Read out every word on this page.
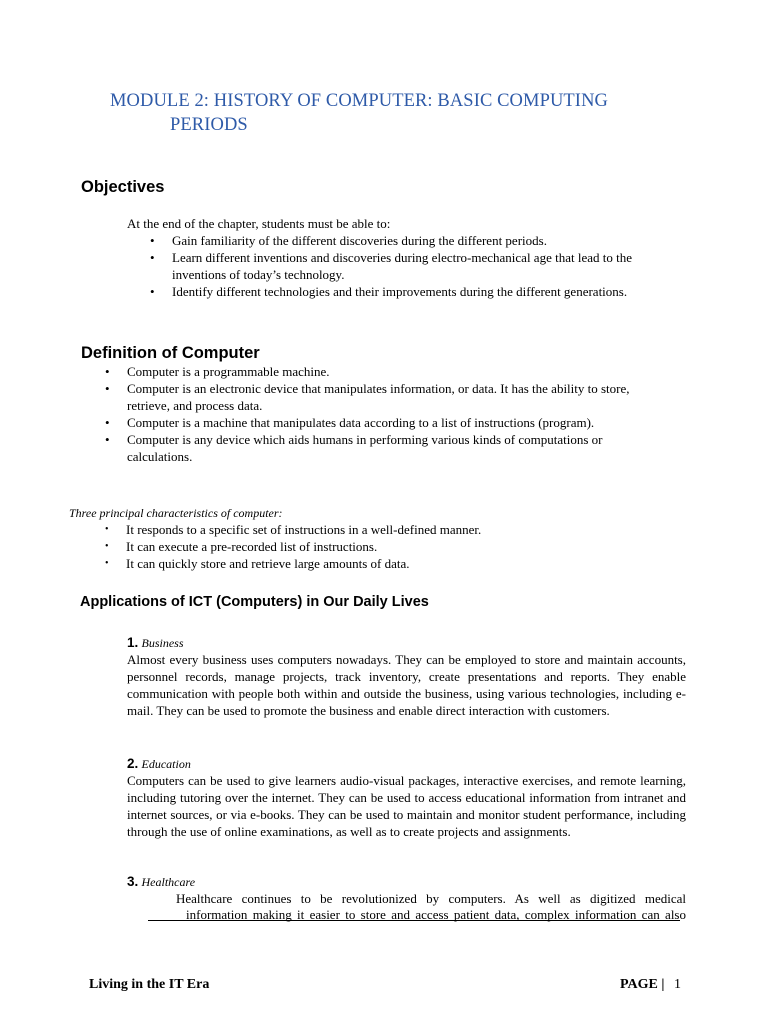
MODULE 2: HISTORY OF COMPUTER: BASIC COMPUTING
PERIODS
Objectives
At the end of the chapter, students must be able to:
• Gain familiarity of the different discoveries during the different periods.
• Learn different inventions and discoveries during electro-mechanical age that lead to the inventions of today’s technology.
• Identify different technologies and their improvements during the different generations.
Definition of Computer
• Computer is a programmable machine.
• Computer is an electronic device that manipulates information, or data. It has the ability to store, retrieve, and process data.
• Computer is a machine that manipulates data according to a list of instructions (program).
• Computer is any device which aids humans in performing various kinds of computations or calculations.
Three principal characteristics of computer:
• It responds to a specific set of instructions in a well-defined manner.
• It can execute a pre-recorded list of instructions.
• It can quickly store and retrieve large amounts of data.
Applications of ICT (Computers) in Our Daily Lives
1. Business
Almost every business uses computers nowadays. They can be employed to store and maintain accounts, personnel records, manage projects, track inventory, create presentations and reports. They enable communication with people both within and outside the business, using various technologies, including e-mail. They can be used to promote the business and enable direct interaction with customers.
2. Education
Computers can be used to give learners audio-visual packages, interactive exercises, and remote learning, including tutoring over the internet. They can be used to access educational information from intranet and internet sources, or via e-books. They can be used to maintain and monitor student performance, including through the use of online examinations, as well as to create projects and assignments.
3. Healthcare
Healthcare continues to be revolutionized by computers. As well as digitized medical
information making it easier to store and access patient data, complex information can also
Living in the IT Era	PAGE | 1
